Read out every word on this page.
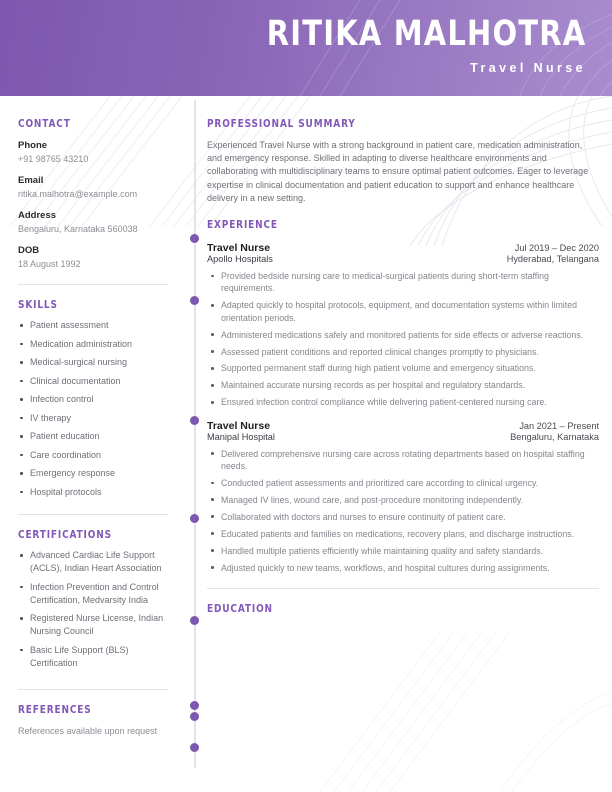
RITIKA MALHOTRA
Travel Nurse
CONTACT
Phone
+91 98765 43210
Email
ritika.malhotra@example.com
Address
Bengaluru, Karnataka 560038
DOB
18 August 1992
SKILLS
Patient assessment
Medication administration
Medical-surgical nursing
Clinical documentation
Infection control
IV therapy
Patient education
Care coordination
Emergency response
Hospital protocols
CERTIFICATIONS
Advanced Cardiac Life Support (ACLS), Indian Heart Association
Infection Prevention and Control Certification, Medvarsity India
Registered Nurse License, Indian Nursing Council
Basic Life Support (BLS) Certification
REFERENCES
References available upon request
PROFESSIONAL SUMMARY
Experienced Travel Nurse with a strong background in patient care, medication administration, and emergency response. Skilled in adapting to diverse healthcare environments and collaborating with multidisciplinary teams to ensure optimal patient outcomes. Eager to leverage expertise in clinical documentation and patient education to support and enhance healthcare delivery in a new setting.
EXPERIENCE
Travel Nurse	Jul 2019 – Dec 2020
Apollo Hospitals	Hyderabad, Telangana
Provided bedside nursing care to medical-surgical patients during short-term staffing requirements.
Adapted quickly to hospital protocols, equipment, and documentation systems within limited orientation periods.
Administered medications safely and monitored patients for side effects or adverse reactions.
Assessed patient conditions and reported clinical changes promptly to physicians.
Supported permanent staff during high patient volume and emergency situations.
Maintained accurate nursing records as per hospital and regulatory standards.
Ensured infection control compliance while delivering patient-centered nursing care.
Travel Nurse	Jan 2021 – Present
Manipal Hospital	Bengaluru, Karnataka
Delivered comprehensive nursing care across rotating departments based on hospital staffing needs.
Conducted patient assessments and prioritized care according to clinical urgency.
Managed IV lines, wound care, and post-procedure monitoring independently.
Collaborated with doctors and nurses to ensure continuity of patient care.
Educated patients and families on medications, recovery plans, and discharge instructions.
Handled multiple patients efficiently while maintaining quality and safety standards.
Adjusted quickly to new teams, workflows, and hospital cultures during assignments.
EDUCATION
